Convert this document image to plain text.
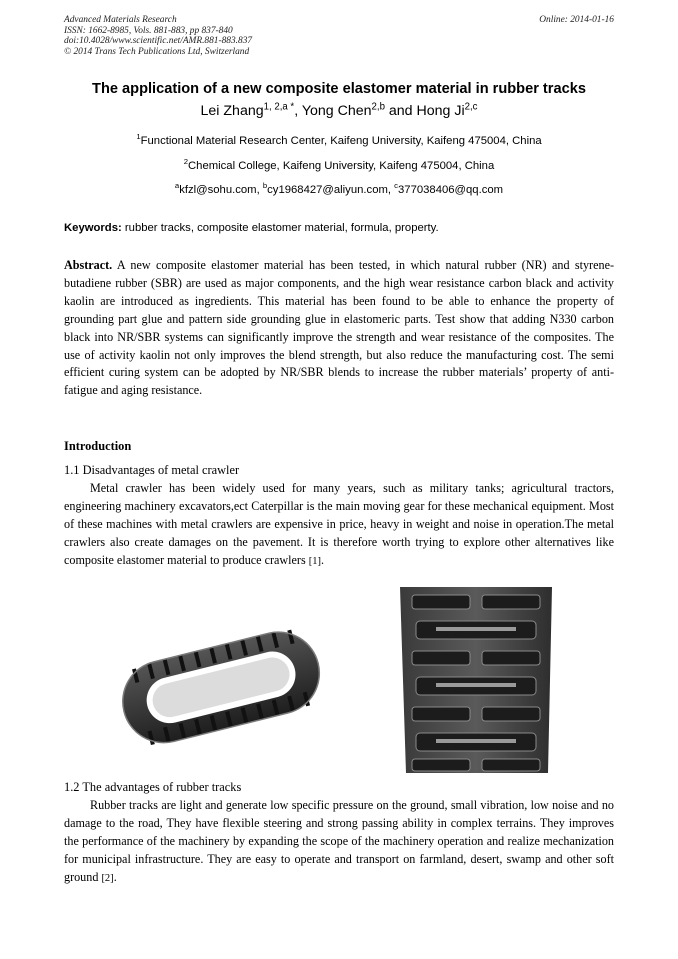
Advanced Materials Research
ISSN: 1662-8985, Vols. 881-883, pp 837-840
doi:10.4028/www.scientific.net/AMR.881-883.837
© 2014 Trans Tech Publications Ltd, Switzerland
Online: 2014-01-16
The application of a new composite elastomer material in rubber tracks
Lei Zhang$^{1, 2,a *}$, Yong Chen$^{2,b}$ and Hong Ji$^{2,c}$
$^1$Functional Material Research Center, Kaifeng University, Kaifeng 475004, China
$^2$Chemical College, Kaifeng University, Kaifeng 475004, China
$^a$kfzl@sohu.com, $^b$cy1968427@aliyun.com, $^c$377038406@qq.com
Keywords: rubber tracks, composite elastomer material, formula, property.
Abstract. A new composite elastomer material has been tested, in which natural rubber (NR) and styrene-butadiene rubber (SBR) are used as major components, and the high wear resistance carbon black and activity kaolin are introduced as ingredients. This material has been found to be able to enhance the property of grounding part glue and pattern side grounding glue in elastomeric parts. Test show that adding N330 carbon black into NR/SBR systems can significantly improve the strength and wear resistance of the composites. The use of activity kaolin not only improves the blend strength, but also reduce the manufacturing cost. The semi efficient curing system can be adopted by NR/SBR blends to increase the rubber materials’ property of anti-fatigue and aging resistance.
Introduction
1.1 Disadvantages of metal crawler
Metal crawler has been widely used for many years, such as military tanks; agricultural tractors, engineering machinery excavators,ect Caterpillar is the main moving gear for these mechanical equipment. Most of these machines with metal crawlers are expensive in price, heavy in weight and noise in operation.The metal crawlers also create damages on the pavement. It is therefore worth trying to explore other alternatives like composite elastomer material to produce crawlers [1].
1.2 The advantages of rubber tracks
Rubber tracks are light and generate low specific pressure on the ground, small vibration, low noise and no damage to the road, They have flexible steering and strong passing ability in complex terrains. They improves the performance of the machinery by expanding the scope of the machinery operation and realize mechanization for municipal infrastructure. They are easy to operate and transport on farmland, desert, swamp and other soft ground [2].
